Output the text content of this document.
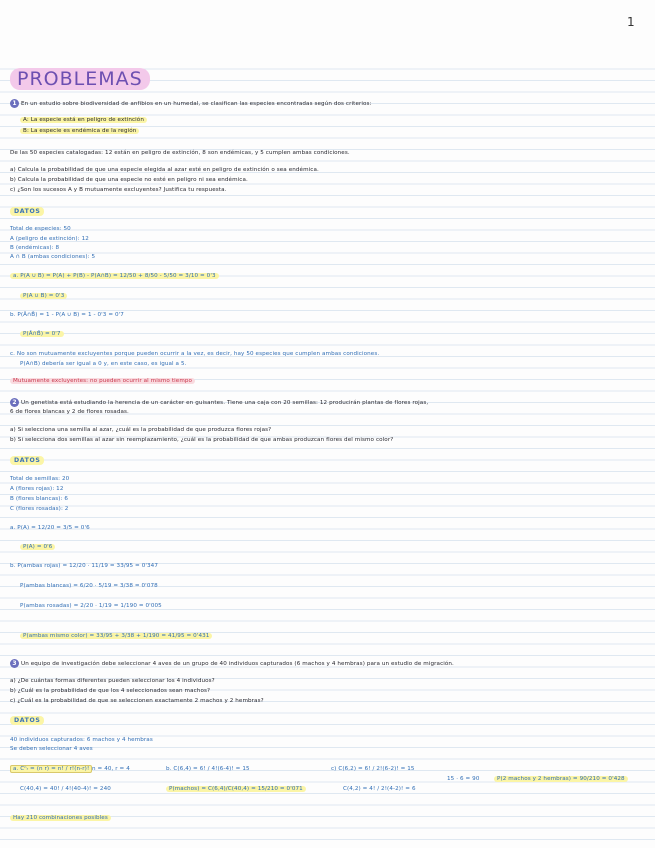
1
PROBLEMAS
1 En un estudio sobre biodiversidad de anfibios en un humedal, se clasifican las especies encontradas según dos criterios:
A: La especie está en peligro de extinción
B: La especie es endémica de la región
De las 50 especies catalogadas: 12 están en peligro de extinción, 8 son endémicas, y 5 cumplen ambas condiciones.
a) Calcula la probabilidad de que una especie elegida al azar esté en peligro de extinción o sea endémica.
b) Calcula la probabilidad de que una especie no esté en peligro ni sea endémica.
c) ¿Son los sucesos A y B mutuamente excluyentes? Justifica tu respuesta.
DATOS
Total de especies: 50
A (peligro de extinción): 12
B (endémicas): 8
A ∩ B (ambas condiciones): 5
a. P(A ∪ B) = P(A) + P(B) - P(A∩B) = 12/50 + 8/50 - 5/50 = 3/10 = 0'3
P(A ∪ B) = 0'3
b. P(Ā∩B̄) = 1 - P(A ∪ B) = 1 - 0'3 = 0'7
P(Ā∩B̄) = 0'7
c. No son mutuamente excluyentes porque pueden ocurrir a la vez, es decir, hay 50 especies que cumplen ambas condiciones.
P(A∩B) debería ser igual a 0 y, en este caso, es igual a 5.
Mutuamente excluyentes: no pueden ocurrir al mismo tiempo
2 Un genetista está estudiando la herencia de un carácter en guisantes. Tiene una caja con 20 semillas: 12 producirán plantas de flores rojas,
6 de flores blancas y 2 de flores rosadas.
a) Si selecciona una semilla al azar, ¿cuál es la probabilidad de que produzca flores rojas?
b) Si selecciona dos semillas al azar sin reemplazamiento, ¿cuál es la probabilidad de que ambas produzcan flores del mismo color?
DATOS
Total de semillas: 20
A (flores rojas): 12
B (flores blancas): 6
C (flores rosadas): 2
a. P(A) = 12/20 = 3/5 = 0'6
P(A) = 0'6
b. P(ambas rojas) = 12/20 · 11/19 = 33/95 = 0'347
P(ambas blancas) = 6/20 · 5/19 = 3/38 = 0'078
P(ambas rosadas) = 2/20 · 1/19 = 1/190 = 0'005
P(ambas mismo color) = 33/95 + 3/38 + 1/190 = 41/95 = 0'431
3 Un equipo de investigación debe seleccionar 4 aves de un grupo de 40 individuos capturados (6 machos y 4 hembras) para un estudio de migración.
a) ¿De cuántas formas diferentes pueden seleccionar los 4 individuos?
b) ¿Cuál es la probabilidad de que los 4 seleccionados sean machos?
c) ¿Cuál es la probabilidad de que se seleccionen exactamente 2 machos y 2 hembras?
DATOS
40 individuos capturados: 6 machos y 4 hembras
Se deben seleccionar 4 aves
a. Cⁿᵣ = (n r) = n! / r!(n-r)! n = 40, r = 4
C(40,4) = 40! / 4!(40-4)! = 240
b. C(6,4) = 6! / 4!(6-4)! = 15
P(machos) = C(6,4)/C(40,4) = 15/210 = 0'071
c) C(6,2) = 6! / 2!(6-2)! = 15
C(4,2) = 4! / 2!(4-2)! = 6
15 · 6 = 90	P(2 machos y 2 hembras) = 90/210 = 0'428
Hay 210 combinaciones posibles
